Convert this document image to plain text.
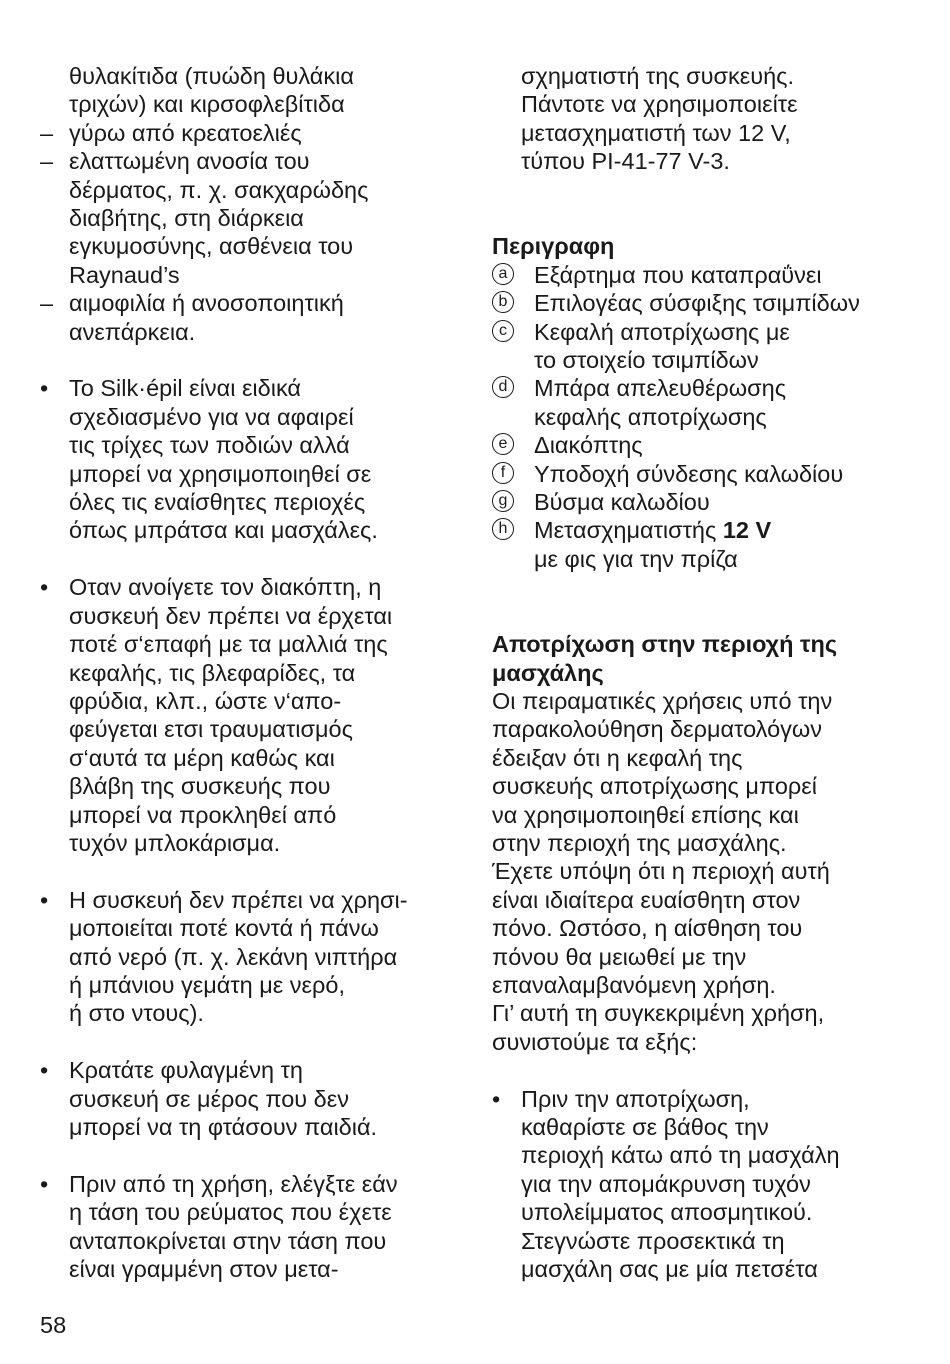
θυλακίτιδα (πυώδη θυλάκια
τριχών) και κιρσοφλεβίτιδα
– γύρω από κρεατοελιές
– ελαττωμένη ανοσία του
δέρματος, π. χ. σακχαρώδης
διαβήτης, στη διάρκεια
εγκυμοσύνης, ασθένεια του
Raynaud’s
– αιμοφιλία ή ανοσοποιητική
ανεπάρκεια.
• Το Silk·épil είναι ειδικά
σχεδιασμένο για να αφαιρεί
τις τρίχες των ποδιών αλλά
μπορεί να χρησιμοποιηθεί σε
όλες τις εναίσθητες περιοχές
όπως μπράτσα και μασχάλες.
• Οταν ανοίγετε τον διακόπτη, η
συσκευή δεν πρέπει να έρχεται
ποτέ σ‘επαφή με τα μαλλιά της
κεφαλής, τις βλεφαρίδες, τα
φρύδια, κλπ., ώστε ν‘απο-
φεύγεται ετσι τραυματισμός
σ‘αυτά τα μέρη καθώς και
βλάβη της συσκευής που
μπορεί να προκληθεί από
τυχόν μπλοκάρισμα.
• Η συσκευή δεν πρέπει να χρησι-
μοποιείται ποτέ κοντά ή πάνω
από νερό (π. χ. λεκάνη νιπτήρα
ή μπάνιου γεμάτη με νερό,
ή στο ντους).
• Κρατάτε φυλαγμένη τη
συσκευή σε μέρος που δεν
μπορεί να τη φτάσουν παιδιά.
• Πριν από τη χρήση, ελέγξτε εάν
η τάση του ρεύματος που έχετε
ανταποκρίνεται στην τάση που
είναι γραμμένη στον μετα-
σχηματιστή της συσκευής.
Πάντοτε να χρησιμοποιείτε
μετασχηματιστή των 12 V,
τύπου PI-41-77 V-3.
Περιγραφη
a Εξάρτημα που καταπραΰνει
b Επιλογέας σύσφιξης τσιμπίδων
c Κεφαλή αποτρίχωσης με
το στοιχείο τσιμπίδων
d Μπάρα απελευθέρωσης
κεφαλής αποτρίχωσης
e Διακόπτης
f	Υποδοχή σύνδεσης καλωδίου
g Βύσμα καλωδίου
h Μετασχηματιστής 12 V
με φις για την πρίζα
Αποτρίχωση στην περιοχή της
μασχάλης
Οι πειραματικές χρήσεις υπό την
παρακολούθηση δερματολόγων
έδειξαν ότι η κεφαλή της
συσκευής αποτρίχωσης μπορεί
να χρησιμοποιηθεί επίσης και
στην περιοχή της μασχάλης.
Έχετε υπόψη ότι η περιοχή αυτή
είναι ιδιαίτερα ευαίσθητη στον
πόνο. Ωστόσο, η αίσθηση του
πόνου θα μειωθεί με την
επαναλαμβανόμενη χρήση.
Γι’ αυτή τη συγκεκριμένη χρήση,
συνιστούμε τα εξής:
• Πριν την αποτρίχωση,
καθαρίστε σε βάθος την
περιοχή κάτω από τη μασχάλη
για την απομάκρυνση τυχόν
υπολείμματος αποσμητικού.
Στεγνώστε προσεκτικά τη
μασχάλη σας με μία πετσέτα
58
